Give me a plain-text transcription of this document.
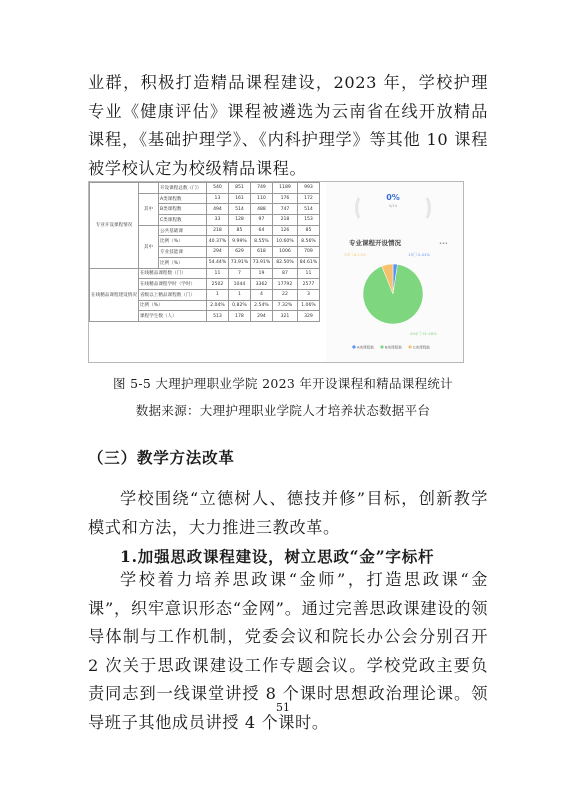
业群，积极打造精品课程建设，2023 年，学校护理专业《健康评估》课程被遴选为云南省在线开放精品课程，《基础护理学》、《内科护理学》等其他 10 课程被学校认定为校级精品课程。
专业开设课程情况		开设课程总数（门）	540	851	749	1189	993
	其中	A类课程数	13	161	110	176	172
		B类课程数	494	514	488	747	514
		C类课程数	33	128	97	218	153
	其中	公共基础课	218	85	64	126	85
		比例（%）	40.37%	9.99%	8.55%	10.60%	8.56%
		专业技能课	294	629	618	1006	709
		比例（%）	54.44%	73.91%	73.91%	82.50%	84.61%
在线精品课程建设情况	在线精品课程数（门）		11	7	19	87	11
	在线精品课程学时（学时）		2502	1044	3362	17792	2577
	省级以上精品课程数（门）		1	1	4	22	3
	比例（%）		2.04%	0.82%	2.54%	7.32%	1.06%
	课程学生数（人）		513	178	294	321	329
0%
0/14
专业课程开设情况	•••
13门 2.41%
494门 91.48%
33门 6.11%
A类课程数	B类课程数	C类课程数
图 5-5 大理护理职业学院 2023 年开设课程和精品课程统计
数据来源：大理护理职业学院人才培养状态数据平台
（三）教学方法改革
学校围绕“立德树人、德技并修”目标，创新教学模式和方法，大力推进三教改革。
1.加强思政课程建设，树立思政“金”字标杆
学校着力培养思政课“金师”，打造思政课“金课”，织牢意识形态“金网”。通过完善思政课建设的领导体制与工作机制，党委会议和院长办公会分别召开 2 次关于思政课建设工作专题会议。学校党政主要负责同志到一线课堂讲授 8 个课时思想政治理论课。领导班子其他成员讲授 4 个课时。
51
